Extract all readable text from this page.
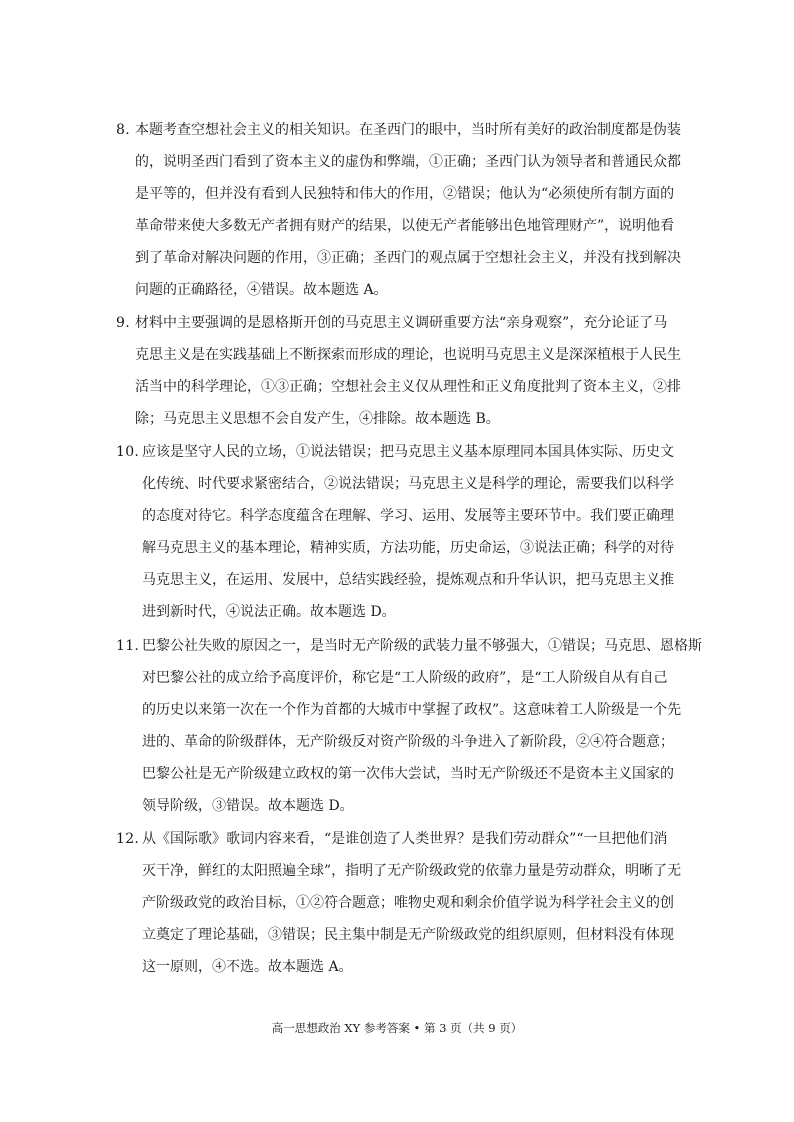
8. 本题考查空想社会主义的相关知识。在圣西门的眼中，当时所有美好的政治制度都是伪装
的，说明圣西门看到了资本主义的虚伪和弊端，①正确；圣西门认为领导者和普通民众都
是平等的，但并没有看到人民独特和伟大的作用，②错误；他认为“必须使所有制方面的
革命带来使大多数无产者拥有财产的结果，以使无产者能够出色地管理财产”，说明他看
到了革命对解决问题的作用，③正确；圣西门的观点属于空想社会主义，并没有找到解决
问题的正确路径，④错误。故本题选 A。
9. 材料中主要强调的是恩格斯开创的马克思主义调研重要方法“亲身观察”，充分论证了马
克思主义是在实践基础上不断探索而形成的理论，也说明马克思主义是深深植根于人民生
活当中的科学理论，①③正确；空想社会主义仅从理性和正义角度批判了资本主义，②排
除；马克思主义思想不会自发产生，④排除。故本题选 B。
10. 应该是坚守人民的立场，①说法错误；把马克思主义基本原理同本国具体实际、历史文
化传统、时代要求紧密结合，②说法错误；马克思主义是科学的理论，需要我们以科学
的态度对待它。科学态度蕴含在理解、学习、运用、发展等主要环节中。我们要正确理
解马克思主义的基本理论，精神实质，方法功能，历史命运，③说法正确；科学的对待
马克思主义，在运用、发展中，总结实践经验，提炼观点和升华认识，把马克思主义推
进到新时代，④说法正确。故本题选 D。
11. 巴黎公社失败的原因之一，是当时无产阶级的武装力量不够强大，①错误；马克思、恩格斯
对巴黎公社的成立给予高度评价，称它是“工人阶级的政府”，是“工人阶级自从有自己
的历史以来第一次在一个作为首都的大城市中掌握了政权”。这意味着工人阶级是一个先
进的、革命的阶级群体，无产阶级反对资产阶级的斗争进入了新阶段，②④符合题意；
巴黎公社是无产阶级建立政权的第一次伟大尝试，当时无产阶级还不是资本主义国家的
领导阶级，③错误。故本题选 D。
12. 从《国际歌》歌词内容来看，“是谁创造了人类世界？是我们劳动群众”“一旦把他们消
灭干净，鲜红的太阳照遍全球”，指明了无产阶级政党的依靠力量是劳动群众，明晰了无
产阶级政党的政治目标，①②符合题意；唯物史观和剩余价值学说为科学社会主义的创
立奠定了理论基础，③错误；民主集中制是无产阶级政党的组织原则，但材料没有体现
这一原则，④不选。故本题选 A。
高一思想政治 XY 参考答案 • 第 3 页（共 9 页）
